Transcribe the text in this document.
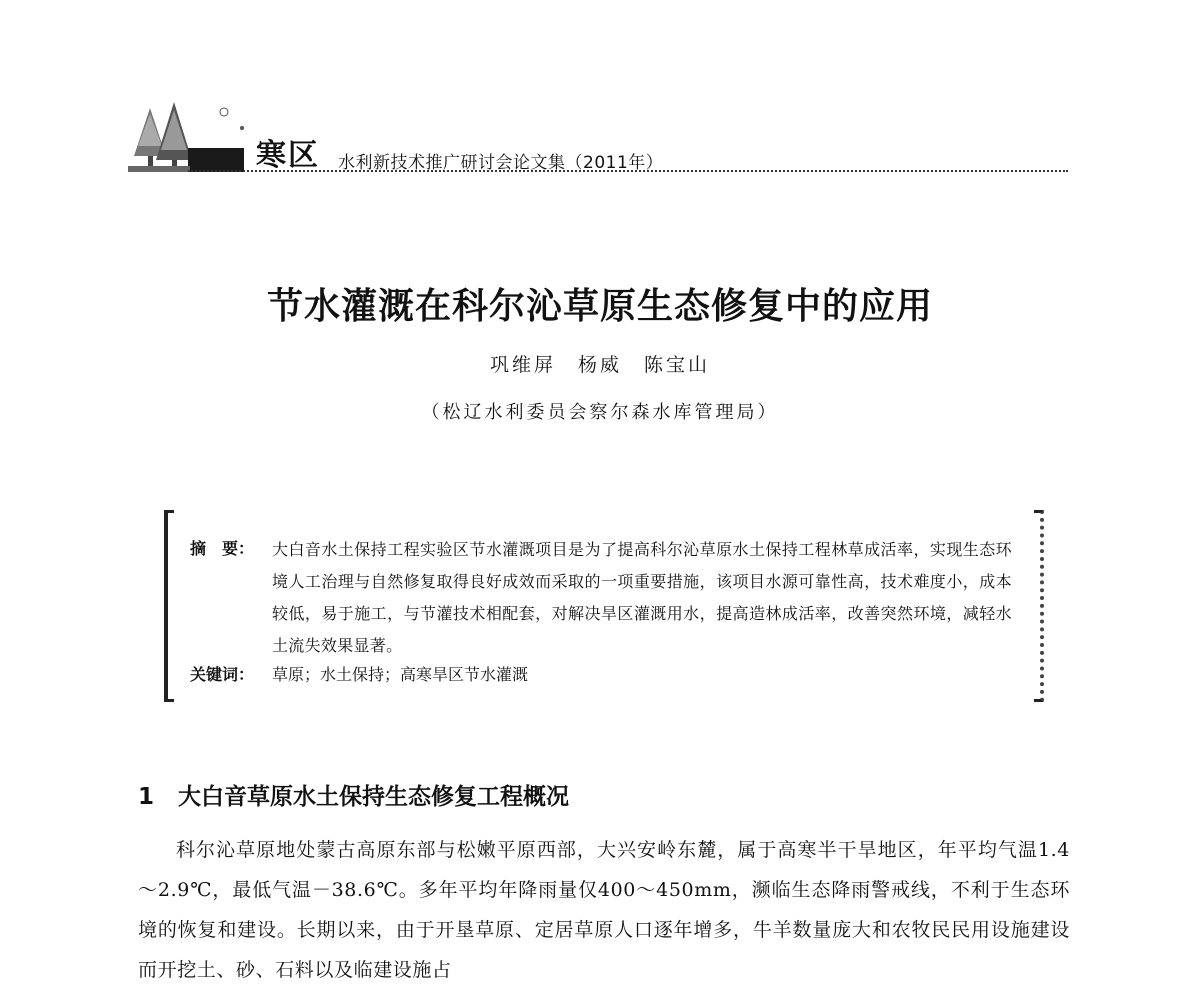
寒区 水利新技术推广研讨会论文集（2011年）
节水灌溉在科尔沁草原生态修复中的应用
巩维屏　杨威　陈宝山
（松辽水利委员会察尔森水库管理局）
摘　要：	大白音水土保持工程实验区节水灌溉项目是为了提高科尔沁草原水土保持工程林草成活率，实现生态环境人工治理与自然修复取得良好成效而采取的一项重要措施，该项目水源可靠性高，技术难度小，成本较低，易于施工，与节灌技术相配套，对解决旱区灌溉用水，提高造林成活率，改善突然环境，减轻水土流失效果显著。
关键词：	草原；水土保持；高寒旱区节水灌溉
1 大白音草原水土保持生态修复工程概况
科尔沁草原地处蒙古高原东部与松嫩平原西部，大兴安岭东麓，属于高寒半干旱地区，年平均气温1.4～2.9℃，最低气温－38.6℃。多年平均年降雨量仅400～450mm，濒临生态降雨警戒线，不利于生态环境的恢复和建设。长期以来，由于开垦草原、定居草原人口逐年增多，牛羊数量庞大和农牧民民用设施建设而开挖土、砂、石料以及临建设施占
